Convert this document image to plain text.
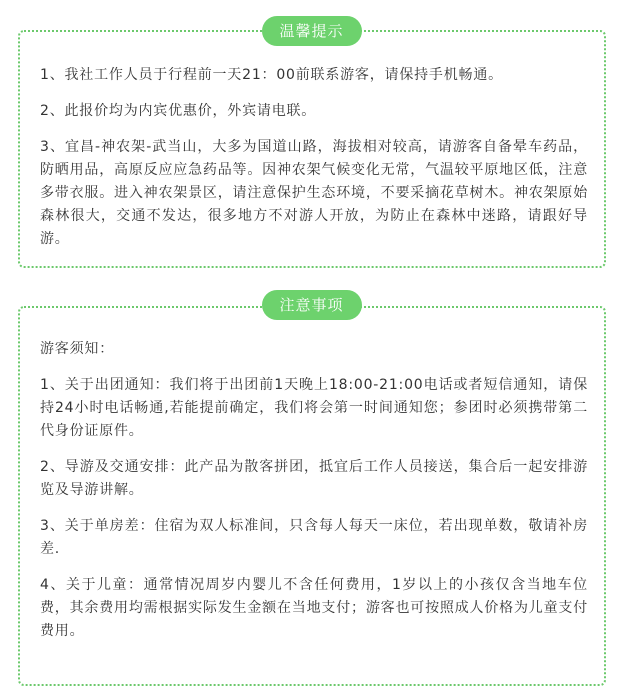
温馨提示

1、我社工作人员于行程前一天21：00前联系游客，请保持手机畅通。

2、此报价均为内宾优惠价，外宾请电联。

3、宜昌-神农架-武当山，大多为国道山路，海拔相对较高，请游客自备晕车药品，防晒用品，高原反应应急药品等。因神农架气候变化无常，气温较平原地区低，注意多带衣服。进入神农架景区，请注意保护生态环境，不要采摘花草树木。神农架原始森林很大，交通不发达，很多地方不对游人开放，为防止在森林中迷路，请跟好导游。

注意事项

游客须知：

1、关于出团通知：我们将于出团前1天晚上18:00-21:00电话或者短信通知，请保持24小时电话畅通,若能提前确定，我们将会第一时间通知您；参团时必须携带第二代身份证原件。

2、导游及交通安排：此产品为散客拼团，抵宜后工作人员接送，集合后一起安排游览及导游讲解。

3、关于单房差：住宿为双人标准间，只含每人每天一床位，若出现单数，敬请补房差.

4、关于儿童：通常情况周岁内婴儿不含任何费用，1岁以上的小孩仅含当地车位费，其余费用均需根据实际发生金额在当地支付；游客也可按照成人价格为儿童支付费用。
